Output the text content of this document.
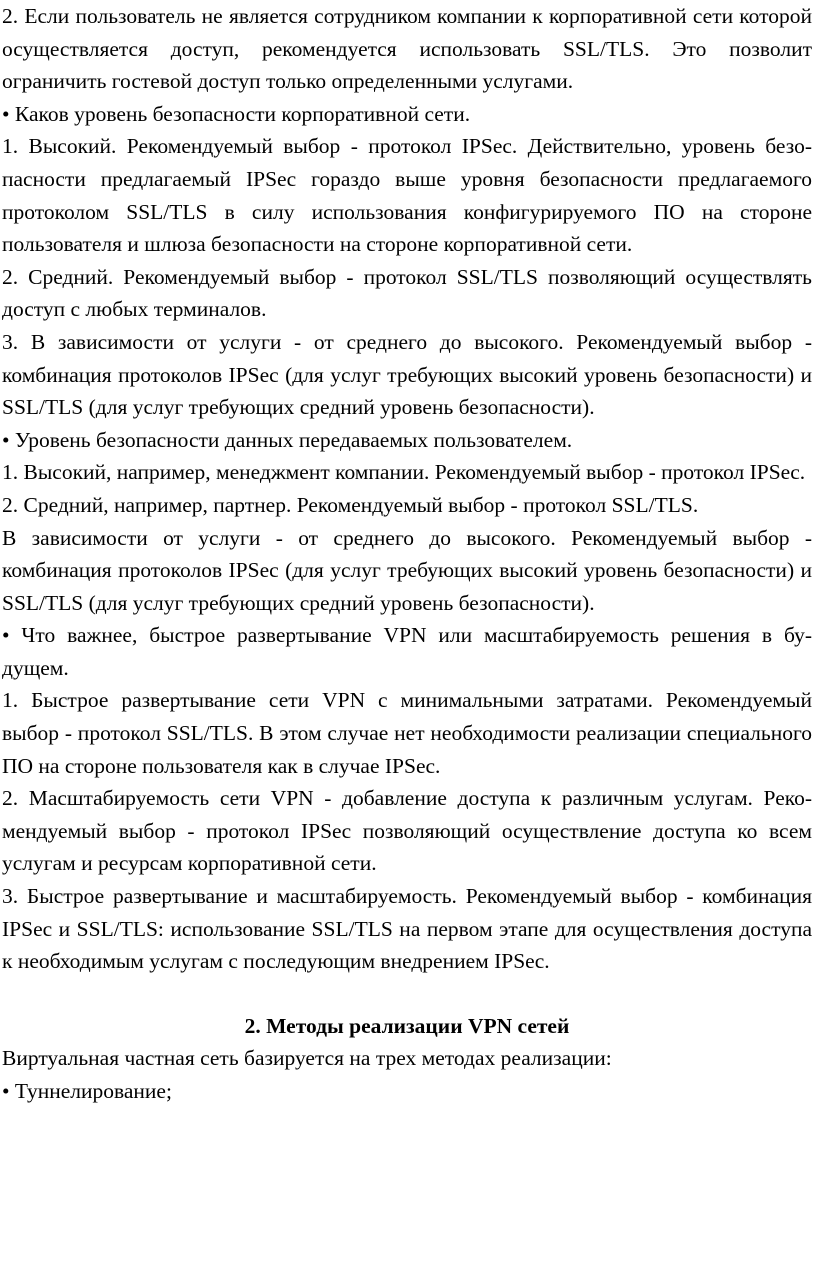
2. Если пользователь не является сотрудником компании к корпоративной сети которой осуществляется доступ, рекомендуется использовать SSL/TLS. Это позволит ограничить гостевой доступ только определенными услугами.

• Каков уровень безопасности корпоративной сети.

1. Высокий. Рекомендуемый выбор - протокол IPSec. Действительно, уровень безо-пасности предлагаемый IPSec гораздо выше уровня безопасности предлагаемого протоколом SSL/TLS в силу использования конфигурируемого ПО на стороне пользователя и шлюза безопасности на стороне корпоративной сети.

2. Средний. Рекомендуемый выбор - протокол SSL/TLS позволяющий осуществлять доступ с любых терминалов.

3. В зависимости от услуги - от среднего до высокого. Рекомендуемый выбор - комбинация протоколов IPSec (для услуг требующих высокий уровень безопасности) и SSL/TLS (для услуг требующих средний уровень безопасности).

• Уровень безопасности данных передаваемых пользователем.

1. Высокий, например, менеджмент компании. Рекомендуемый выбор - протокол IPSec.

2. Средний, например, партнер. Рекомендуемый выбор - протокол SSL/TLS.

В зависимости от услуги - от среднего до высокого. Рекомендуемый выбор - комбинация протоколов IPSec (для услуг требующих высокий уровень безопасности) и SSL/TLS (для услуг требующих средний уровень безопасности).

• Что важнее, быстрое развертывание VPN или масштабируемость решения в бу-дущем.

1. Быстрое развертывание сети VPN с минимальными затратами. Рекомендуемый выбор - протокол SSL/TLS. В этом случае нет необходимости реализации специального ПО на стороне пользователя как в случае IPSec.

2. Масштабируемость сети VPN - добавление доступа к различным услугам. Реко-мендуемый выбор - протокол IPSec позволяющий осуществление доступа ко всем услугам и ресурсам корпоративной сети.

3. Быстрое развертывание и масштабируемость. Рекомендуемый выбор - комбинация IPSec и SSL/TLS: использование SSL/TLS на первом этапе для осуществления доступа к необходимым услугам с последующим внедрением IPSec.

2. Методы реализации VPN сетей

Виртуальная частная сеть базируется на трех методах реализации:

• Туннелирование;
